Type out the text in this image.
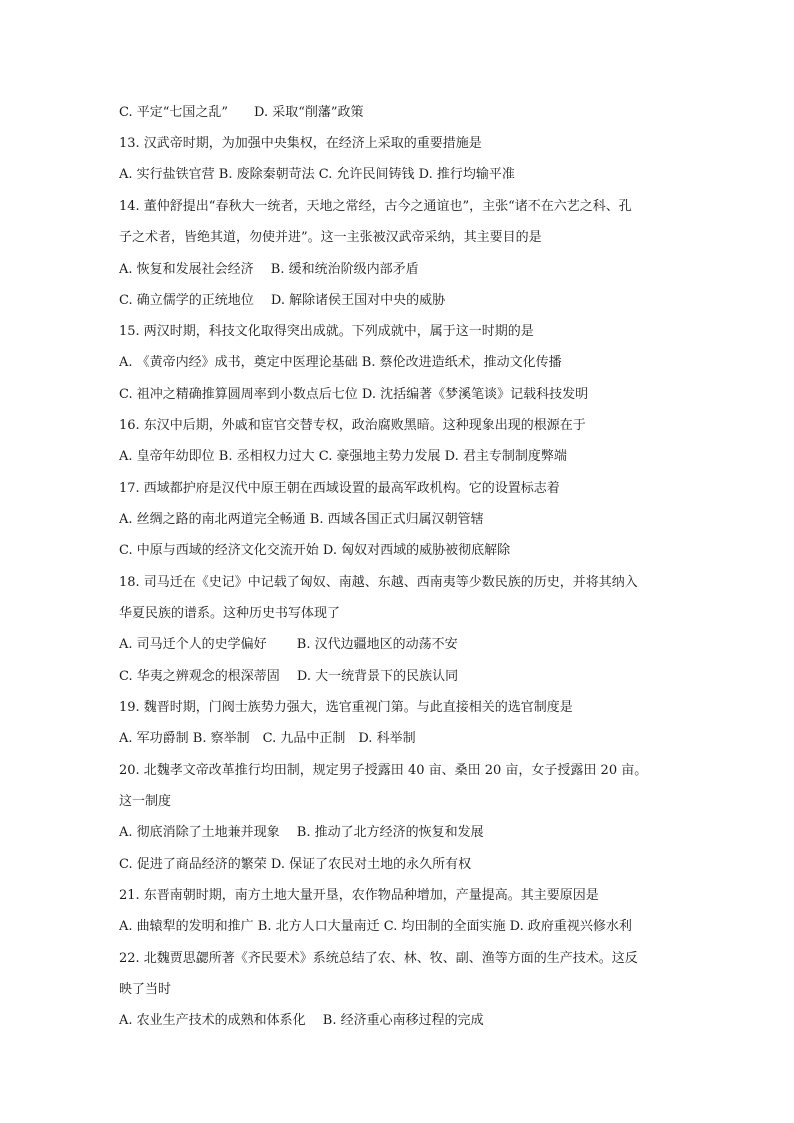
C. 平定“七国之乱”　　D. 采取“削藩”政策
13. 汉武帝时期，为加强中央集权，在经济上采取的重要措施是
A. 实行盐铁官营 B. 废除秦朝苛法 C. 允许民间铸钱 D. 推行均输平准
14. 董仲舒提出“春秋大一统者，天地之常经，古今之通谊也”，主张“诸不在六艺之科、孔
子之术者，皆绝其道，勿使并进”。这一主张被汉武帝采纳，其主要目的是
A. 恢复和发展社会经济　 B. 缓和统治阶级内部矛盾
C. 确立儒学的正统地位　 D. 解除诸侯王国对中央的威胁
15. 两汉时期，科技文化取得突出成就。下列成就中，属于这一时期的是
A. 《黄帝内经》成书，奠定中医理论基础 B. 蔡伦改进造纸术，推动文化传播
C. 祖冲之精确推算圆周率到小数点后七位 D. 沈括编著《梦溪笔谈》记载科技发明
16. 东汉中后期，外戚和宦官交替专权，政治腐败黑暗。这种现象出现的根源在于
A. 皇帝年幼即位 B. 丞相权力过大 C. 豪强地主势力发展 D. 君主专制制度弊端
17. 西域都护府是汉代中原王朝在西域设置的最高军政机构。它的设置标志着
A. 丝绸之路的南北两道完全畅通 B. 西域各国正式归属汉朝管辖
C. 中原与西域的经济文化交流开始 D. 匈奴对西域的威胁被彻底解除
18. 司马迁在《史记》中记载了匈奴、南越、东越、西南夷等少数民族的历史，并将其纳入
华夏民族的谱系。这种历史书写体现了
A. 司马迁个人的史学偏好　　 B. 汉代边疆地区的动荡不安
C. 华夷之辨观念的根深蒂固　 D. 大一统背景下的民族认同
19. 魏晋时期，门阀士族势力强大，选官重视门第。与此直接相关的选官制度是
A. 军功爵制 B. 察举制　C. 九品中正制　D. 科举制
20. 北魏孝文帝改革推行均田制，规定男子授露田 40 亩、桑田 20 亩，女子授露田 20 亩。
这一制度
A. 彻底消除了土地兼并现象　 B. 推动了北方经济的恢复和发展
C. 促进了商品经济的繁荣 D. 保证了农民对土地的永久所有权
21. 东晋南朝时期，南方土地大量开垦，农作物品种增加，产量提高。其主要原因是
A. 曲辕犁的发明和推广 B. 北方人口大量南迁 C. 均田制的全面实施 D. 政府重视兴修水利
22. 北魏贾思勰所著《齐民要术》系统总结了农、林、牧、副、渔等方面的生产技术。这反
映了当时
A. 农业生产技术的成熟和体系化　 B. 经济重心南移过程的完成
